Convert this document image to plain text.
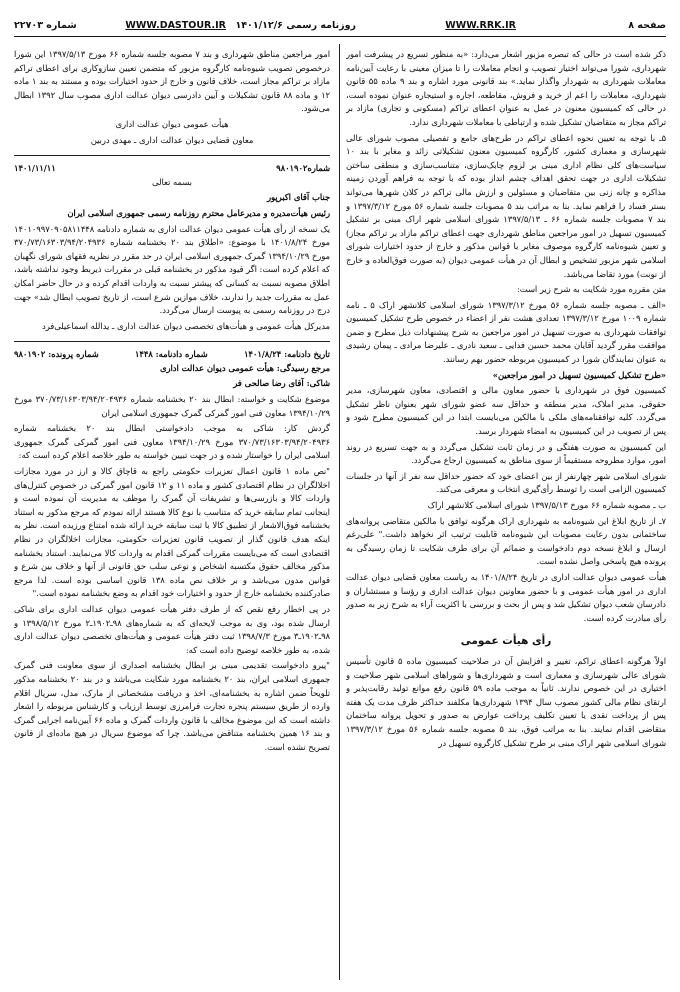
صفحه ۸
WWW.RRK.IR
روزنامه رسمی ۱۴۰۱/۱۲/۶
WWW.DASTOUR.IR
شماره ۲۲۷۰۳

ذکر شده است در حالی که تبصره مزبور اشعار می‌دارد: «به منظور تسریع در پیشرفت امور شهرداری، شورا می‌تواند اختیار تصویب و انجام معاملات را تا میزان معینی با رعایت آیین‌نامه معاملات شهرداری به شهردار واگذار نماید.» بند قانونی مورد اشاره و بند ۹ ماده ۵۵ قانون شهرداری، معاملات را اعم از خرید و فروش، مقاطعه، اجاره و استیجاره عنوان نموده است، در حالی که کمیسیون معنون در عمل به عنوان اعطای تراکم (مسکونی و تجاری) مازاد بر تراکم مجاز به متقاضیان تشکیل شده و ارتباطی با معاملات شهرداری ندارد.

۵ـ با توجه به تعیین نحوه اعطای تراکم در طرح‌های جامع و تفصیلی مصوب شورای عالی شهرسازی و معماری کشور، کارگروه کمیسیون معنون تشکیلاتی زائد و مغایر با بند ۱۰ سیاست‌های کلی نظام اداری مبنی بر لزوم چابک‌سازی، متناسب‌سازی و منطقی ساختن تشکیلات اداری در جهت تحقق اهداف چشم انداز بوده که با توجه به فراهم آوردن زمینه مذاکره و چانه زنی بین متقاضیان و مسئولین و ارزش مالی تراکم در کلان شهرها می‌تواند بستر فساد را فراهم نماید. بنا به مراتب بند ۵ مصوبات جلسه شماره ۵۶ مورخ ۱۳۹۷/۳/۱۲ و بند ۷ مصوبات جلسه شماره ۶۶ ـ ۱۳۹۷/۵/۱۳ شورای اسلامی شهر اراک مبنی بر تشکیل کمیسیون تسهیل در امور مراجعین مناطق شهرداری جهت اعطای تراکم مازاد بر تراکم مجاز) و تعیین شیوه‌نامه کارگروه موصوف مغایر با قوانین مذکور و خارج از حدود اختیارات شورای اسلامی شهر مزبور تشخیص و ابطال آن در هیأت عمومی دیوان (به صورت فوق‌العاده و خارج از نوبت) مورد تقاضا می‌باشد.

متن مقرره مورد شکایت به شرح زیر است:

«الف ـ مصوبه جلسه شماره ۵۶ مورخ ۱۳۹۷/۳/۱۲ شورای اسلامی کلانشهر اراک ۵ ـ نامه شماره ۱۰۰۹ مورخ ۱۳۹۷/۳/۱۲ تعدادی هشت نفر از اعضاء در خصوص طرح تشکیل کمیسیون توافقات شهرداری به صورت تسهیل در امور مراجعین به شرح پیشنهادات ذیل مطرح و ضمن موافقت مقرر گردید آقایان محمد حسین فدایی ـ سعید نادری ـ علیرضا مرادی ـ پیمان رشیدی به عنوان نمایندگان شورا در کمیسیون مربوطه حضور بهم رسانند.

«طرح تشکیل کمیسیون تسهیل در امور مراجعین»

کمیسیون فوق در شهرداری با حضور معاون مالی و اقتصادی، معاون شهرسازی، مدیر حقوقی، مدیر املاک، مدیر منطقه و حداقل سه عضو شورای شهر بعنوان ناظر تشکیل می‌گردد. کلیه توافقنامه‌های ملکی با مالکین می‌بایست ابتدا در این کمیسیون مطرح شود و پس از تصویب در این کمیسیون به امضاء شهردار برسد.

این کمیسیون به صورت هفتگی و در زمان ثابت تشکیل می‌گردد و به جهت تسریع در روند امور، موارد مطروحه مستقیماً از سوی مناطق به کمیسیون ارجاع می‌گردد.

شورای اسلامی شهر چهارنفر از بین اعضای خود که حضور حداقل سه نفر از آنها در جلسات کمیسیون الزامی است را توسط رأی‌گیری انتخاب و معرفی می‌کند.

ب ـ مصوبه شماره ۶۶ مورخ ۱۳۹۷/۵/۱۳ شورای اسلامی کلانشهر اراک

۷ـ از تاریخ ابلاغ این شیوه‌نامه به شهرداری اراک هرگونه توافق با مالکین متقاضی پروانه‌های ساختمانی بدون رعایت مصوبات این شیوه‌نامه قابلیت ترتیب اثر نخواهد داشت." علی‌رغم ارسال و ابلاغ نسخه دوم دادخواست و ضمائم آن برای طرف شکایت تا زمان رسیدگی به پرونده هیچ پاسخی واصل نشده است.

هیأت عمومی دیوان عدالت اداری در تاریخ ۱۴۰۱/۸/۲۴ به ریاست معاون قضایی دیوان عدالت اداری در امور هیأت عمومی و با حضور معاونین دیوان عدالت اداری و رؤسا و مستشاران و دادرسان شعب دیوان تشکیل شد و پس از بحث و بررسی با اکثریت آراء به شرح زیر به صدور رأی مبادرت کرده است.

رأی هیأت عمومی

اولاً هرگونه اعطای تراکم، تغییر و افزایش آن در صلاحیت کمیسیون ماده ۵ قانون تأسیس شورای عالی شهرسازی و معماری است و شهرداری‌ها و شوراهای اسلامی شهر صلاحیت و اختیاری در این خصوص ندارند. ثانیاً به موجب ماده ۵۹ قانون رفع موانع تولید رقابت‌پذیر و ارتقای نظام مالی کشور مصوب سال ۱۳۹۴ شهرداری‌ها مکلفند حداکثر ظرف مدت یک هفته پس از پرداخت نقدی یا تعیین تکلیف پرداخت عوارض به صدور و تحویل پروانه ساختمان متقاضی اقدام نمایند. بنا به مراتب فوق، بند ۵ مصوبه جلسه شماره ۵۶ مورخ ۱۳۹۷/۳/۱۲ شورای اسلامی شهر اراک مبنی بر طرح تشکیل کارگروه تسهیل در

امور مراجعین مناطق شهرداری و بند ۷ مصوبه جلسه شماره ۶۶ مورخ ۱۳۹۷/۵/۱۳ این شورا درخصوص تصویب شیوه‌نامه کارگروه مزبور که متضمن تعیین سازوکاری برای اعطای تراکم مازاد بر تراکم مجاز است، خلاف قانون و خارج از حدود اختیارات بوده و مستند به بند ۱ ماده ۱۲ و ماده ۸۸ قانون تشکیلات و آیین دادرسی دیوان عدالت اداری مصوب سال ۱۳۹۲ ابطال می‌شود.

هیأت عمومی دیوان عدالت اداری

معاون قضایی دیوان عدالت اداری ـ مهدی دربین

شماره۹۸۰۱۹۰۲
۱۴۰۱/۱۱/۱۱

بسمه تعالی

جناب آقای اکبرپور

رئیس هیأت‌مدیره و مدیرعامل محترم روزنامه رسمی جمهوری اسلامی ایران

یک نسخه از رأی هیأت عمومی دیوان عدالت اداری به شماره دادنامه ۱۴۰۱۰۹۹۷۰۹۰۵۸۱۱۴۴۸ مورخ ۱۴۰۱/۸/۲۴ با موضوع: «اطلاق بند ۲۰ بخشنامه شماره ۳۷۰/۷۳/۱۶۳۰۳/۹۴/۲۰۴۹۳۶ مورخ ۱۳۹۴/۱۰/۲۹ گمرک جمهوری اسلامی ایران در حد مقرر در نظریه فقهای شورای نگهبان که اعلام کرده است: اگر قیود مذکور در بخشنامه قبلی در مقررات ذیربط وجود نداشته باشد، اطلاق مصوبه نسبت به کسانی که پیشتر نسبت به واردات اقدام کرده و در حال حاضر امکان عمل به مقررات جدید را ندارند، خلاف موازین شرع است، از تاریخ تصویب ابطال شد» جهت درج در روزنامه رسمی به پیوست ارسال می‌گردد.

مدیرکل هیأت عمومی و هیأت‌های تخصصی دیوان عدالت اداری ـ یدالله اسماعیلی‌فرد

تاریخ دادنامه: ۱۴۰۱/۸/۲۴
شماره دادنامه: ۱۴۴۸
شماره پرونده: ۹۸۰۱۹۰۲

مرجع رسیدگی: هیأت عمومی دیوان عدالت اداری

شاکی: آقای رضا صالحی فر

موضوع شکایت و خواسته: ابطال بند ۲۰ بخشنامه شماره ۳۷۰/۷۳/۱۶۳۰۳/۹۴/۲۰۴۹۳۶ مورخ ۱۳۹۴/۱۰/۲۹ معاون فنی امور گمرکی گمرک جمهوری اسلامی ایران

گردش کار: شاکی به موجب دادخواستی ابطال بند ۲۰ بخشنامه شماره ۳۷۰/۷۳/۱۶۳۰۳/۹۴/۲۰۴۹۳۶ مورخ ۱۳۹۴/۱۰/۲۹ معاون فنی امور گمرکی گمرک جمهوری اسلامی ایران را خواستار شده و در جهت تبیین خواسته به طور خلاصه اعلام کرده است که:

"نص ماده ۱ قانون اعمال تعزیرات حکومتی راجع به قاچاق کالا و ارز در مورد مجازات اخلالگران در نظام اقتصادی کشور و ماده ۱۱ و ۱۲ قانون امور گمرکی در خصوص کنترل‌های واردات کالا و بازرسی‌ها و تشریفات آن گمرک را موظف به مدیریت آن نموده است و اینجانب تمام سابقه خرید که متناسب با نوع کالا هستند ارائه نمودم که مرجع مذکور به استناد بخشنامه فوق‌الاشعار از تطبیق کالا با ثبت سابقه خرید ارائه شده امتناع ورزیده است. نظر به اینکه هدف قانون گذار از تصویب قانون تعزیرات حکومتی، مجازات اخلالگران در نظام اقتصادی است که می‌بایست مقررات گمرکی اقدام به واردات کالا می‌نمایند. استناد بخشنامه مذکور مخالف حقوق مکتسبه اشخاص و نوعی سلب حق قانونی از آنها و خلاف بین شرع و قوانین مدون می‌باشد و بر خلاف نص ماده ۱۳۸ قانون اساسی بوده است. لذا مرجع صادرکننده بخشنامه خارج از حدود و اختیارات خود اقدام به وضع بخشنامه نموده است."

در پی اخطار رفع نقص که از طرف دفتر هیأت عمومی دیوان عدالت اداری برای شاکی ارسال شده بود، وی به موجب لایحه‌ای که به شماره‌های ۹۸ـ۱۹۰۲ـ۲ مورخ ۱۳۹۸/۵/۱۲ و ۹۸ـ۱۹۰۲ـ۳ مورخ ۱۳۹۸/۷/۳ ثبت دفتر هیأت عمومی و هیأت‌های تخصصی دیوان عدالت اداری شده، به طور خلاصه توضیح داده است که:

"پیرو دادخواست تقدیمی مبنی بر ابطال بخشنامه اصداری از سوی معاونت فنی گمرک جمهوری اسلامی ایران، بند ۲۰ بخشنامه مورد شکایت می‌باشد و در بند ۲۰ بخشنامه مذکور تلویحاً ضمن اشاره به بخشنامه‌ای، اخذ و دریافت مشخصاتی از مارک، مدل، سریال اقلام وارده از طریق سیستم پنجره تجارت فرامرزی توسط ارزیاب و کارشناس مربوطه را اشعار داشته است که این موضوع مخالف با قانون واردات گمرک و ماده ۶۶ آیین‌نامه اجرایی گمرک و بند ۱۶ همین بخشنامه متناقض می‌باشد. چرا که موضوع سریال در هیچ ماده‌ای از قانون تصریح نشده است.
